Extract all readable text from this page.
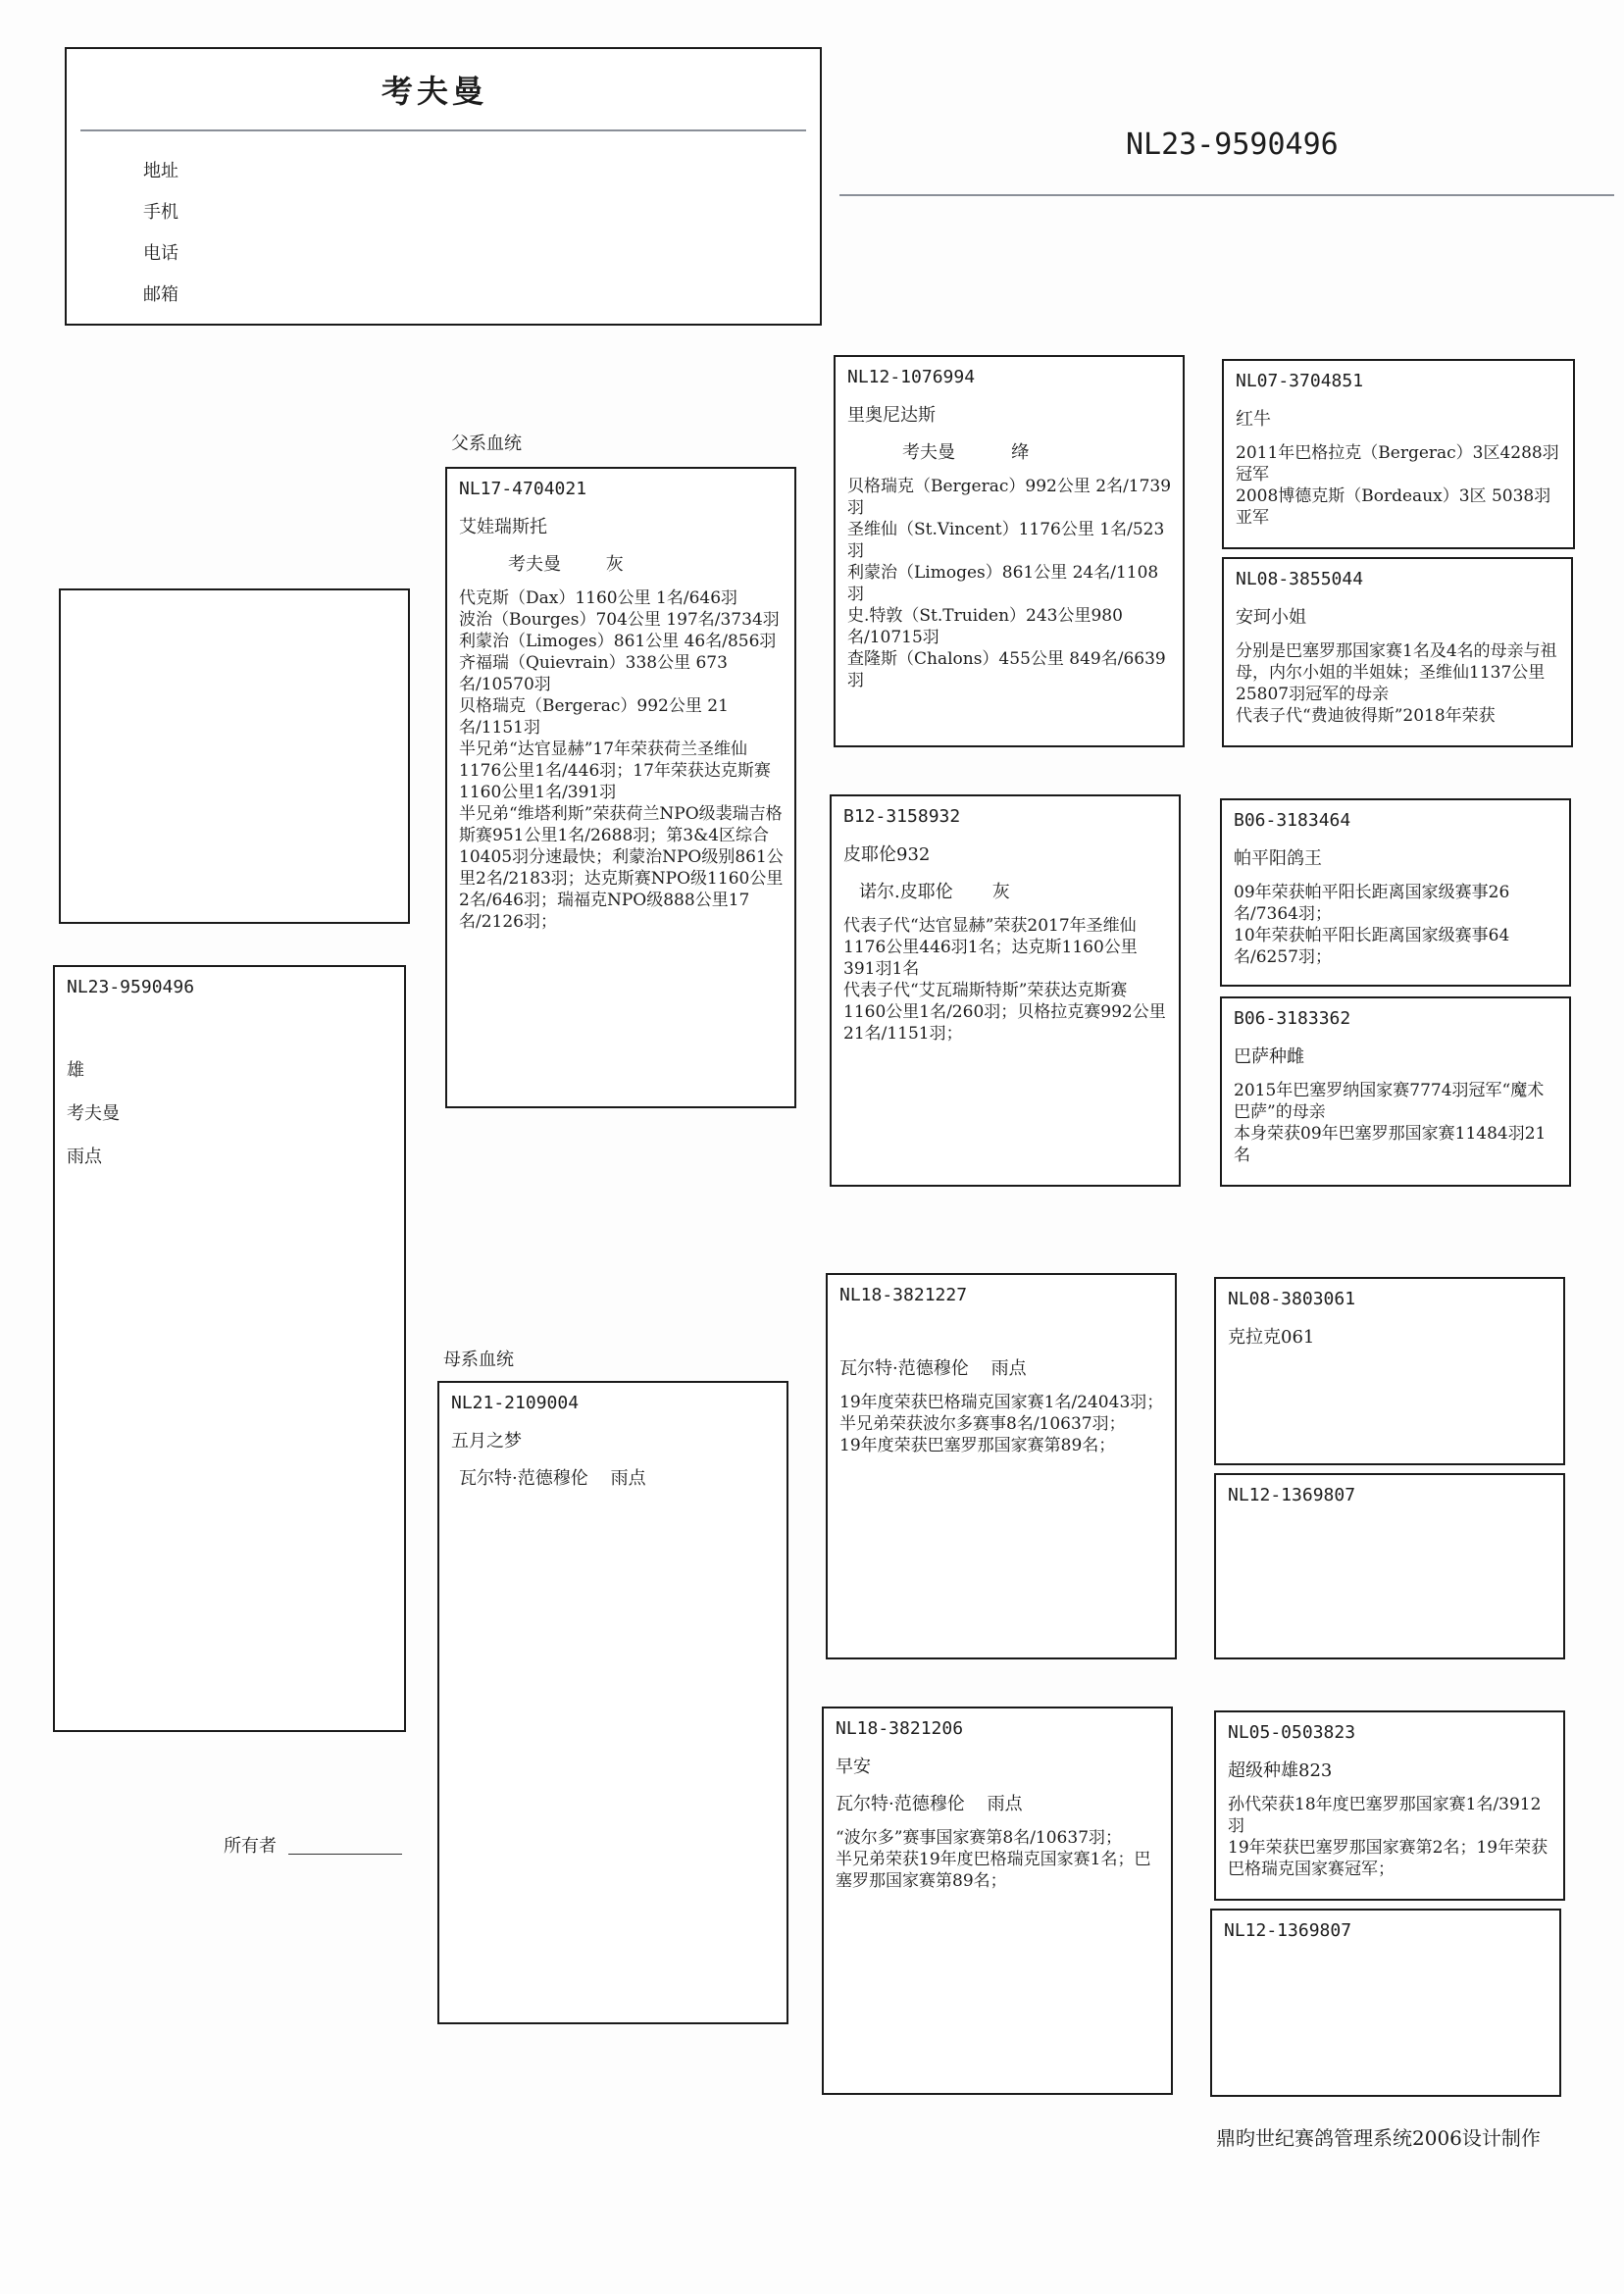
考夫曼
地址
手机
电话
邮箱
NL23-9590496
NL23-9590496
雄
考夫曼
雨点
所有者
父系血统
NL17-4704021
艾娃瑞斯托
考夫曼        灰
代克斯（Dax）1160公里 1名/646羽
波治（Bourges）704公里 197名/3734羽
利蒙治（Limoges）861公里 46名/856羽
齐福瑞（Quievrain）338公里 673名/10570羽
贝格瑞克（Bergerac）992公里 21名/1151羽
半兄弟“达官显赫”17年荣获荷兰圣维仙1176公里1名/446羽；17年荣获达克斯赛1160公里1名/391羽
半兄弟“维塔利斯”荣获荷兰NPO级裴瑞吉格斯赛951公里1名/2688羽；第3&4区综合10405羽分速最快；利蒙治NPO级别861公里2名/2183羽；达克斯赛NPO级1160公里2名/646羽；瑞福克NPO级888公里17名/2126羽；
母系血统
NL21-2109004
五月之梦
瓦尔特·范德穆伦    雨点
NL12-1076994
里奥尼达斯
考夫曼          绛
贝格瑞克（Bergerac）992公里 2名/1739羽
圣维仙（St.Vincent）1176公里 1名/523羽
利蒙治（Limoges）861公里 24名/1108羽
史.特敦（St.Truiden）243公里980名/10715羽
查隆斯（Chalons）455公里 849名/6639羽
B12-3158932
皮耶伦932
诺尔.皮耶伦       灰
代表子代“达官显赫”荣获2017年圣维仙1176公里446羽1名；达克斯1160公里391羽1名
代表子代“艾瓦瑞斯特斯”荣获达克斯赛1160公里1名/260羽；贝格拉克赛992公里21名/1151羽；
NL18-3821227
瓦尔特·范德穆伦    雨点
19年度荣获巴格瑞克国家赛1名/24043羽；
半兄弟荣获波尔多赛事8名/10637羽；
19年度荣获巴塞罗那国家赛第89名；
NL18-3821206
早安
瓦尔特·范德穆伦    雨点
“波尔多”赛事国家赛第8名/10637羽；
半兄弟荣获19年度巴格瑞克国家赛1名；巴塞罗那国家赛第89名；
NL07-3704851
红牛
2011年巴格拉克（Bergerac）3区4288羽冠军
2008博德克斯（Bordeaux）3区 5038羽 亚军
NL08-3855044
安珂小姐
分别是巴塞罗那国家赛1名及4名的母亲与祖母，内尔小姐的半姐妹；圣维仙1137公里25807羽冠军的母亲
代表子代“费迪彼得斯”2018年荣获
B06-3183464
帕平阳鸽王
09年荣获帕平阳长距离国家级赛事26名/7364羽；
10年荣获帕平阳长距离国家级赛事64名/6257羽；
B06-3183362
巴萨种雌
2015年巴塞罗纳国家赛7774羽冠军“魔术巴萨”的母亲
本身荣获09年巴塞罗那国家赛11484羽21名
NL08-3803061
克拉克061
NL12-1369807
NL05-0503823
超级种雄823
孙代荣获18年度巴塞罗那国家赛1名/3912羽
19年荣获巴塞罗那国家赛第2名；19年荣获巴格瑞克国家赛冠军；
NL12-1369807
鼎昀世纪赛鸽管理系统2006设计制作
